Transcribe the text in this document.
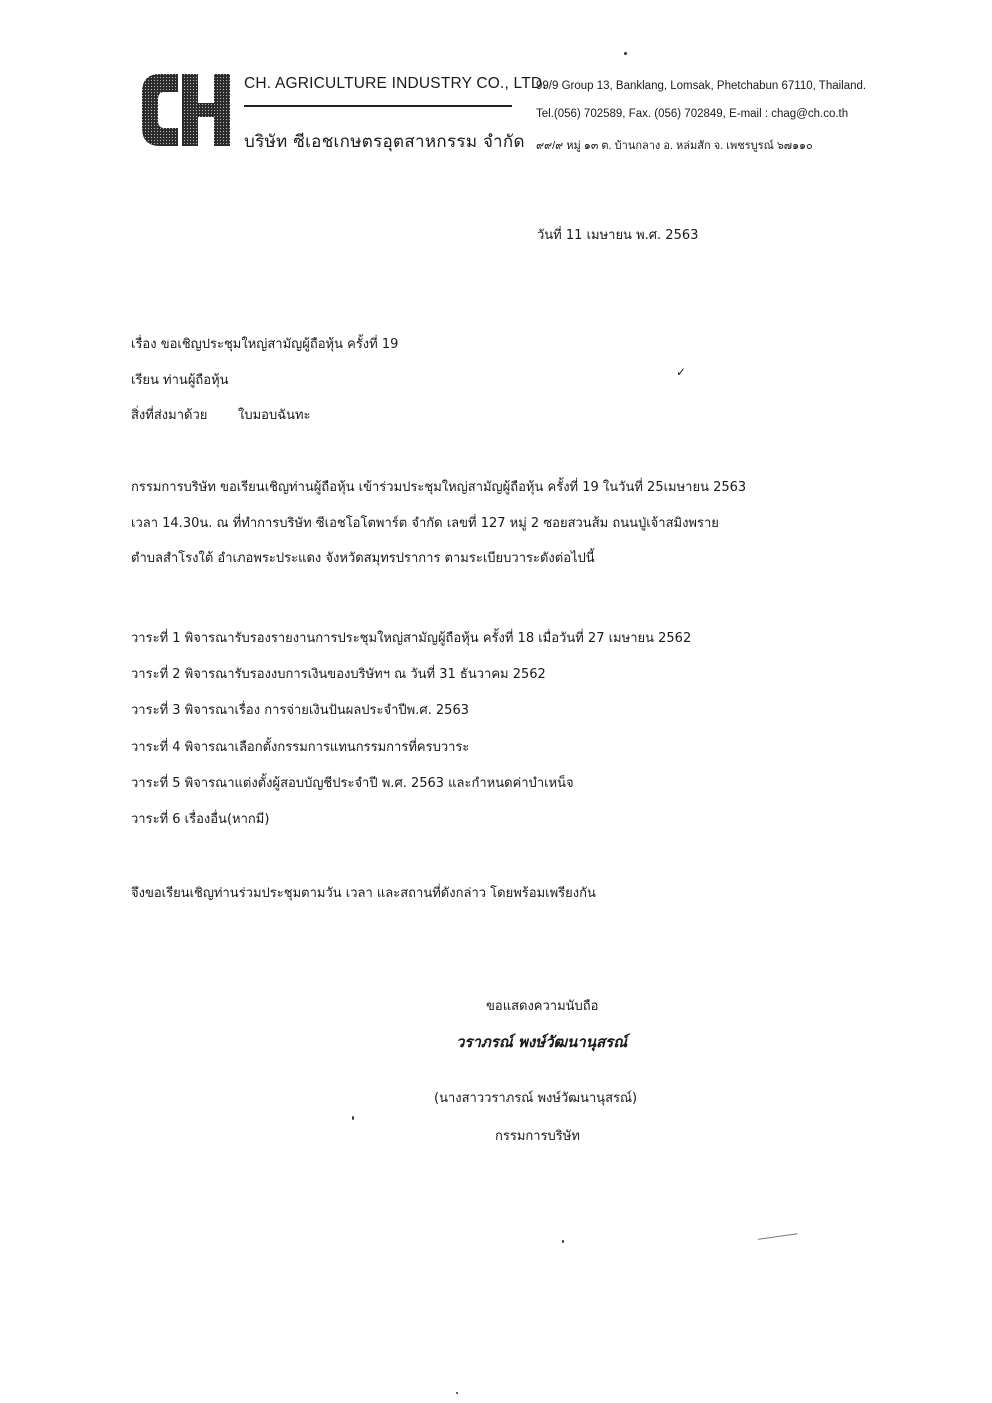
CH. AGRICULTURE INDUSTRY CO., LTD.
บริษัท ซีเอชเกษตรอุตสาหกรรม จำกัด
99/9 Group 13, Banklang, Lomsak, Phetchabun 67110, Thailand.
Tel.(056) 702589, Fax. (056) 702849, E-mail : chag@ch.co.th
๙๙/๙ หมู่ ๑๓ ต. บ้านกลาง อ. หล่มสัก จ. เพชรบูรณ์ ๖๗๑๑๐
✓
วันที่ 11 เมษายน พ.ศ. 2563
เรื่อง ขอเชิญประชุมใหญ่สามัญผู้ถือหุ้น ครั้งที่ 19
เรียน ท่านผู้ถือหุ้น
สิ่งที่ส่งมาด้วย ใบมอบฉันทะ
กรรมการบริษัท ขอเรียนเชิญท่านผู้ถือหุ้น เข้าร่วมประชุมใหญ่สามัญผู้ถือหุ้น ครั้งที่ 19 ในวันที่ 25เมษายน 2563
เวลา 14.30น. ณ ที่ทำการบริษัท ซีเอชโอโตพาร์ต จำกัด เลขที่ 127 หมู่ 2 ซอยสวนส้ม ถนนปู่เจ้าสมิงพราย
ตำบลสำโรงใต้ อำเภอพระประแดง จังหวัดสมุทรปราการ ตามระเบียบวาระดังต่อไปนี้
วาระที่ 1 พิจารณารับรองรายงานการประชุมใหญ่สามัญผู้ถือหุ้น ครั้งที่ 18 เมื่อวันที่ 27 เมษายน 2562
วาระที่ 2 พิจารณารับรองงบการเงินของบริษัทฯ ณ วันที่ 31 ธันวาคม 2562
วาระที่ 3 พิจารณาเรื่อง การจ่ายเงินปันผลประจำปีพ.ศ. 2563
วาระที่ 4 พิจารณาเลือกตั้งกรรมการแทนกรรมการที่ครบวาระ
วาระที่ 5 พิจารณาแต่งตั้งผู้สอบบัญชีประจำปี พ.ศ. 2563 และกำหนดค่าบำเหน็จ
วาระที่ 6 เรื่องอื่น(หากมี)
จึงขอเรียนเชิญท่านร่วมประชุมตามวัน เวลา และสถานที่ดังกล่าว โดยพร้อมเพรียงกัน
ขอแสดงความนับถือ
วราภรณ์ พงษ์วัฒนานุสรณ์
(นางสาววราภรณ์ พงษ์วัฒนานุสรณ์)
กรรมการบริษัท
